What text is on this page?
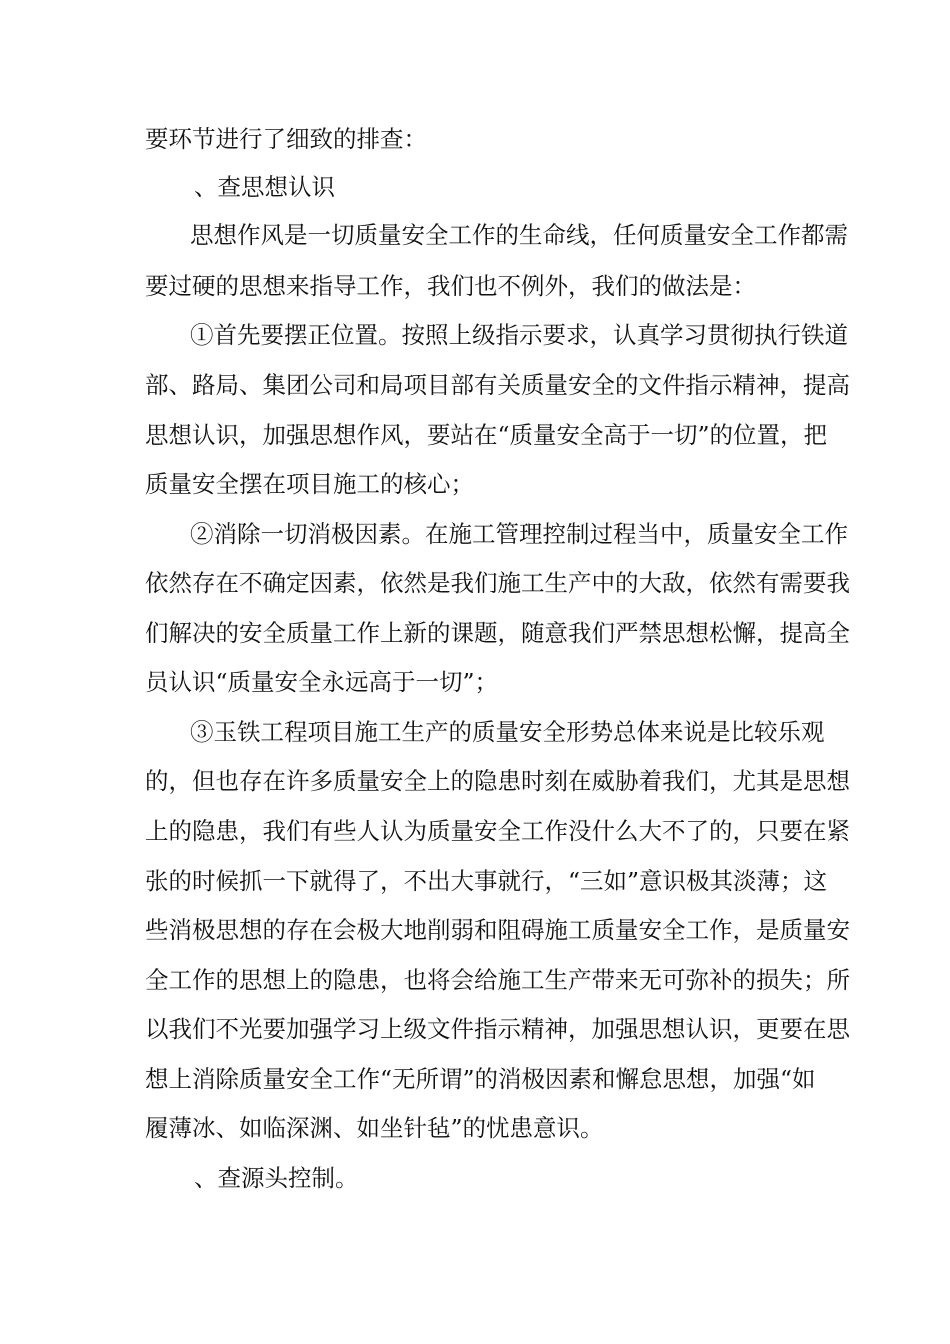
要环节进行了细致的排查：
、查思想认识
思想作风是一切质量安全工作的生命线，任何质量安全工作都需
要过硬的思想来指导工作，我们也不例外，我们的做法是：
①首先要摆正位置。按照上级指示要求，认真学习贯彻执行铁道
部、路局、集团公司和局项目部有关质量安全的文件指示精神，提高
思想认识，加强思想作风，要站在“质量安全高于一切”的位置，把
质量安全摆在项目施工的核心；
②消除一切消极因素。在施工管理控制过程当中，质量安全工作
依然存在不确定因素，依然是我们施工生产中的大敌，依然有需要我
们解决的安全质量工作上新的课题，随意我们严禁思想松懈，提高全
员认识“质量安全永远高于一切”；
③玉铁工程项目施工生产的质量安全形势总体来说是比较乐观
的，但也存在许多质量安全上的隐患时刻在威胁着我们，尤其是思想
上的隐患，我们有些人认为质量安全工作没什么大不了的，只要在紧
张的时候抓一下就得了，不出大事就行，“三如”意识极其淡薄；这
些消极思想的存在会极大地削弱和阻碍施工质量安全工作，是质量安
全工作的思想上的隐患，也将会给施工生产带来无可弥补的损失；所
以我们不光要加强学习上级文件指示精神，加强思想认识，更要在思
想上消除质量安全工作“无所谓”的消极因素和懈怠思想，加强“如
履薄冰、如临深渊、如坐针毡”的忧患意识。
、查源头控制。
